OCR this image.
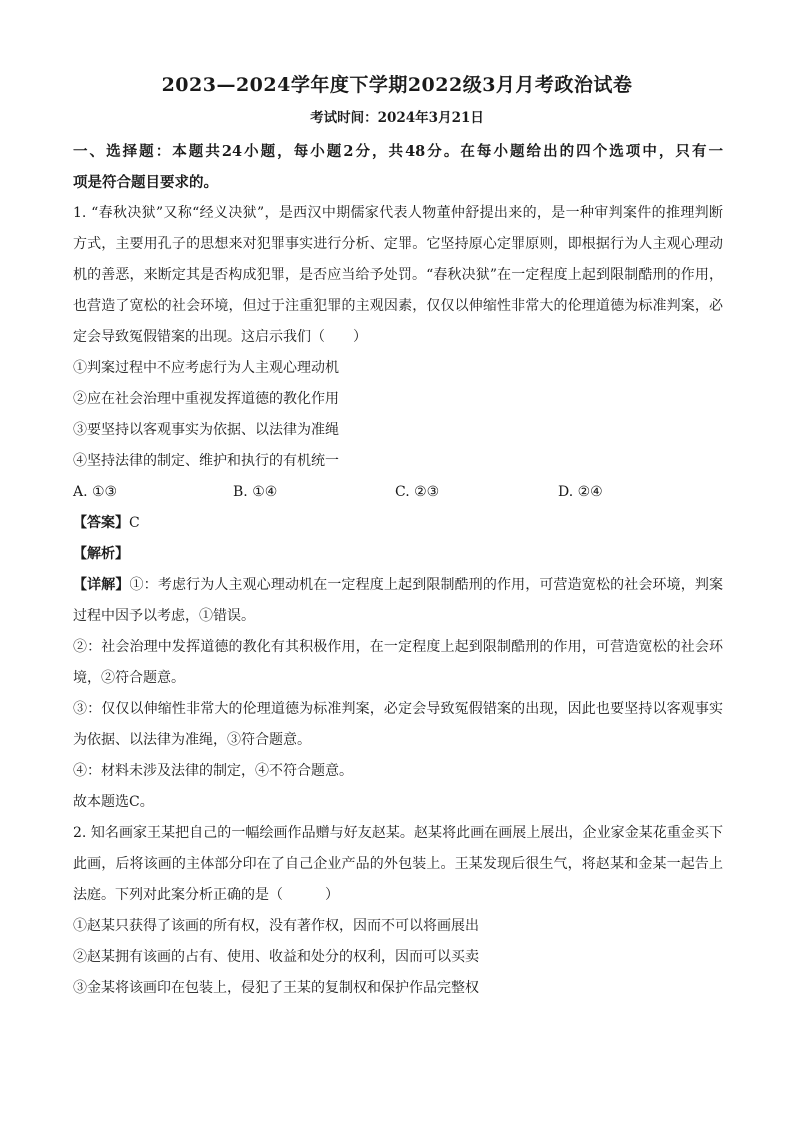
2023—2024学年度下学期2022级3月月考政治试卷
考试时间：2024年3月21日
一、选择题：本题共24小题，每小题2分，共48分。在每小题给出的四个选项中，只有一
项是符合题目要求的。
1. “春秋决狱”又称“经义决狱”，是西汉中期儒家代表人物董仲舒提出来的，是一种审判案件的推理判断
方式，主要用孔子的思想来对犯罪事实进行分析、定罪。它坚持原心定罪原则，即根据行为人主观心理动
机的善恶，来断定其是否构成犯罪，是否应当给予处罚。“春秋决狱”在一定程度上起到限制酷刑的作用，
也营造了宽松的社会环境，但过于注重犯罪的主观因素，仅仅以伸缩性非常大的伦理道德为标准判案，必
定会导致冤假错案的出现。这启示我们（　　）
①判案过程中不应考虑行为人主观心理动机
②应在社会治理中重视发挥道德的教化作用
③要坚持以客观事实为依据、以法律为准绳
④坚持法律的制定、维护和执行的有机统一
A. ①③	B. ①④	C. ②③	D. ②④
【答案】C
【解析】
【详解】①：考虑行为人主观心理动机在一定程度上起到限制酷刑的作用，可营造宽松的社会环境，判案
过程中因予以考虑，①错误。
②：社会治理中发挥道德的教化有其积极作用，在一定程度上起到限制酷刑的作用，可营造宽松的社会环
境，②符合题意。
③：仅仅以伸缩性非常大的伦理道德为标准判案，必定会导致冤假错案的出现，因此也要坚持以客观事实
为依据、以法律为准绳，③符合题意。
④：材料未涉及法律的制定，④不符合题意。
故本题选C。
2. 知名画家王某把自己的一幅绘画作品赠与好友赵某。赵某将此画在画展上展出，企业家金某花重金买下
此画，后将该画的主体部分印在了自己企业产品的外包装上。王某发现后很生气，将赵某和金某一起告上
法庭。下列对此案分析正确的是（　　　）
①赵某只获得了该画的所有权，没有著作权，因而不可以将画展出
②赵某拥有该画的占有、使用、收益和处分的权利，因而可以买卖
③金某将该画印在包装上，侵犯了王某的复制权和保护作品完整权
